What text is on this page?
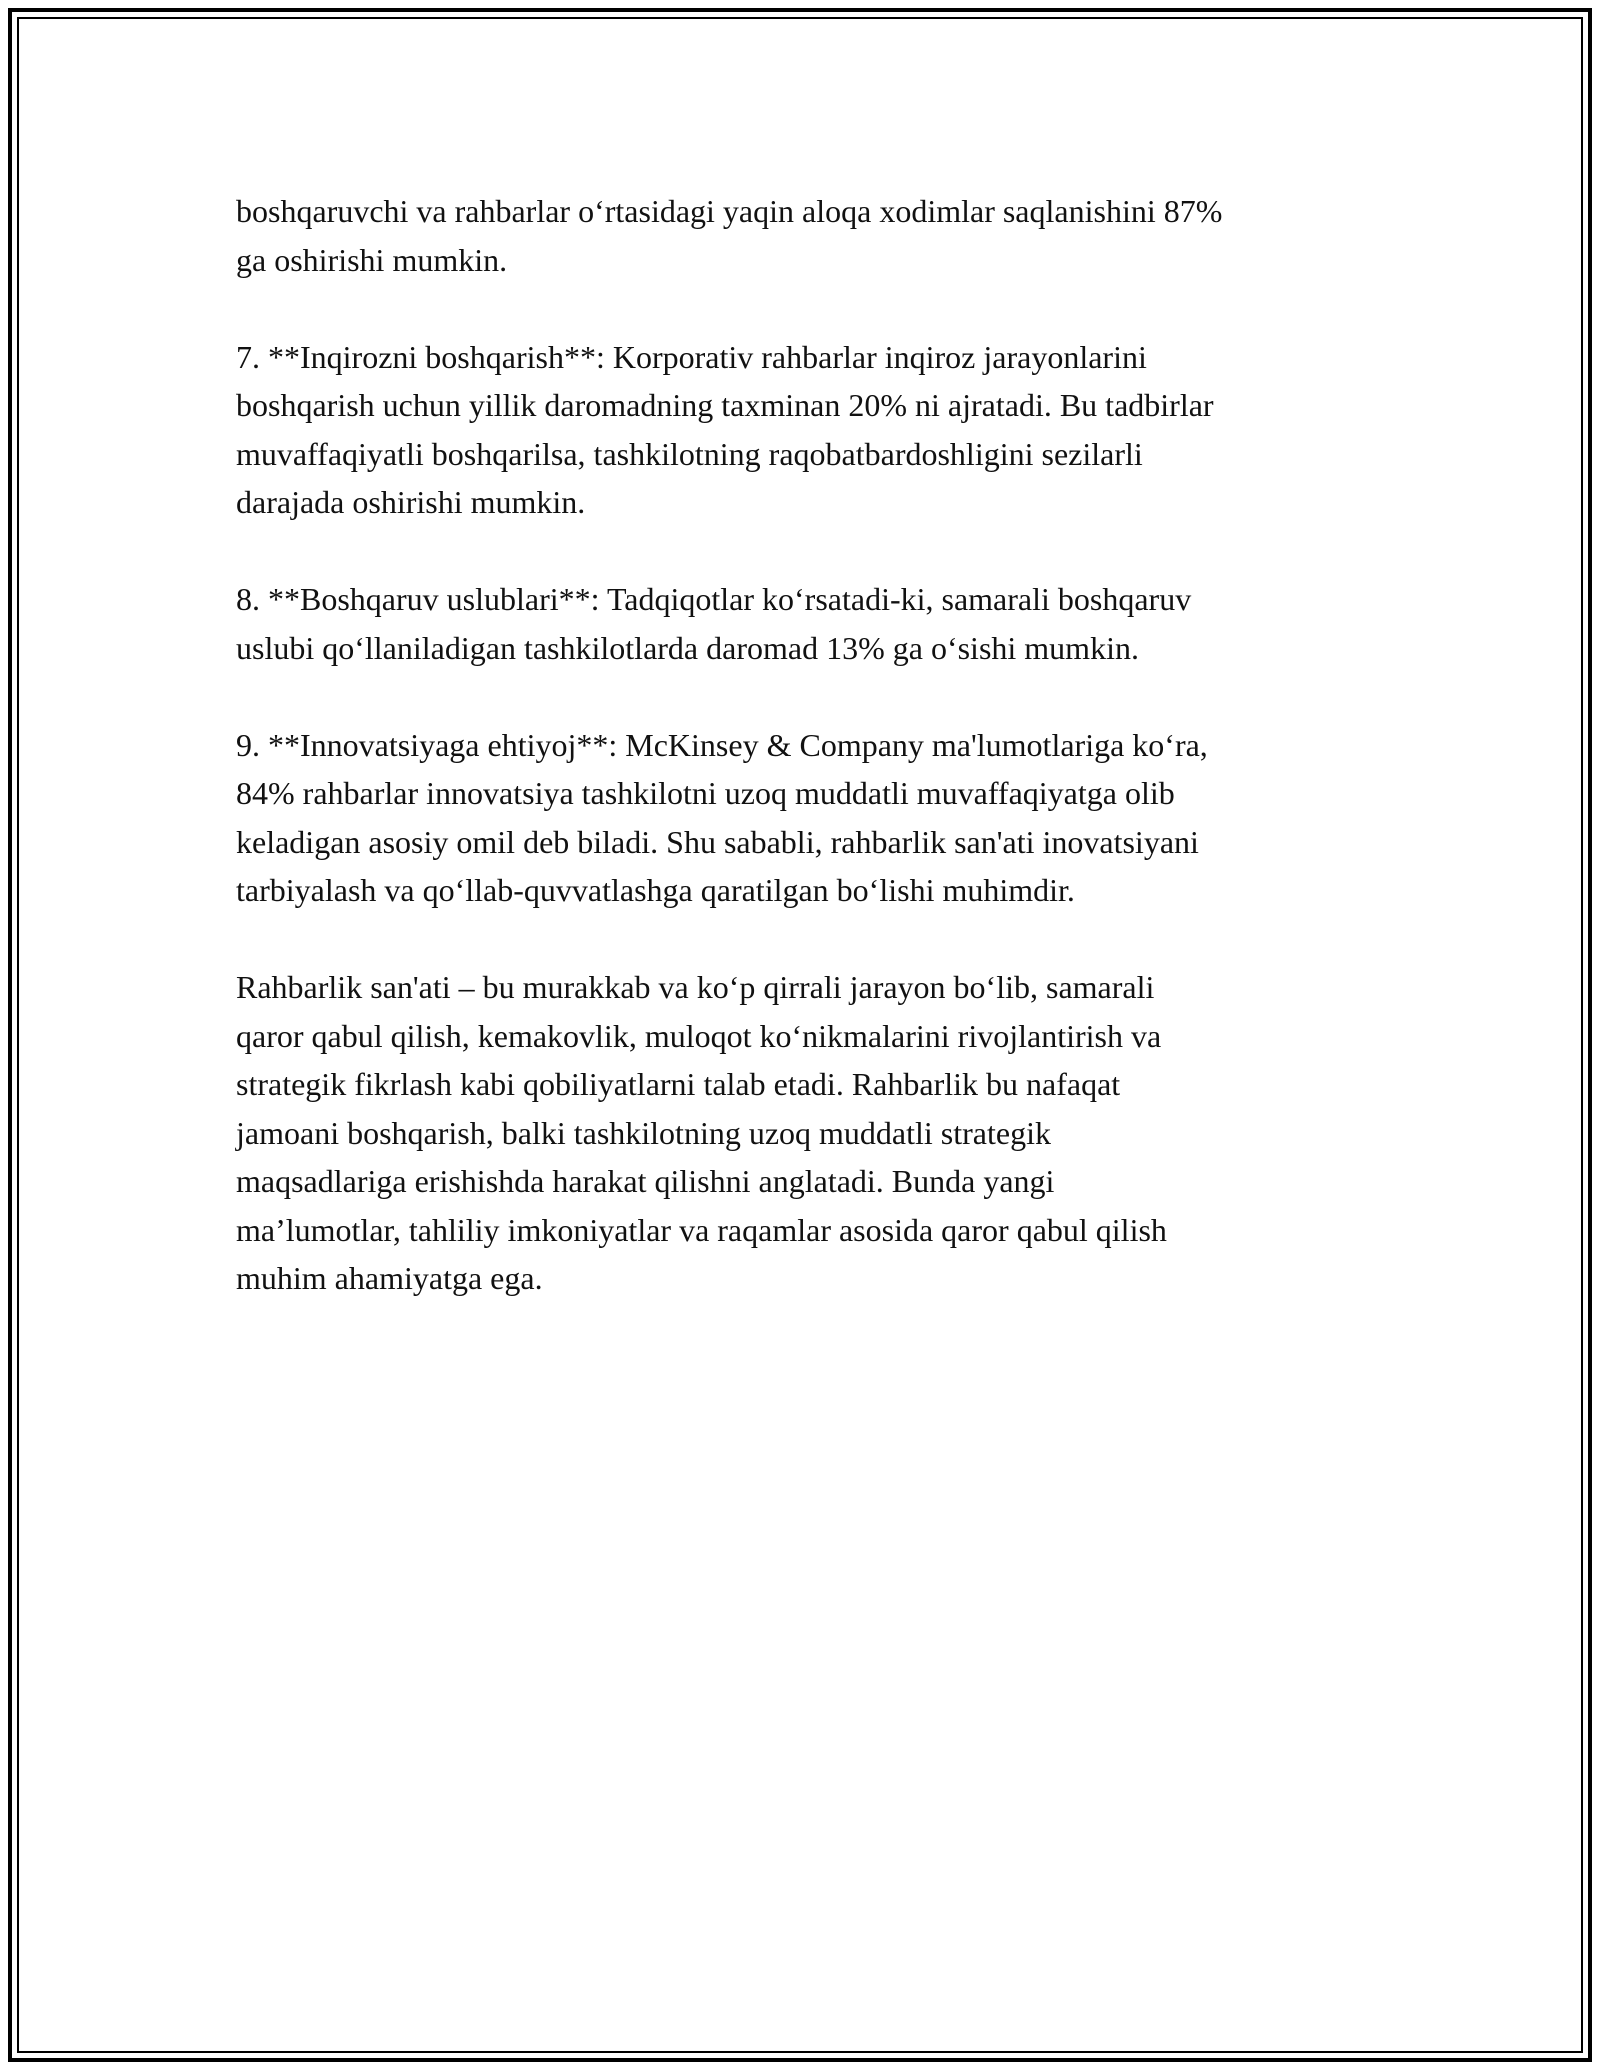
boshqaruvchi va rahbarlar o‘rtasidagi yaqin aloqa xodimlar saqlanishini 87%
ga oshirishi mumkin.

7. **Inqirozni boshqarish**: Korporativ rahbarlar inqiroz jarayonlarini
boshqarish uchun yillik daromadning taxminan 20% ni ajratadi. Bu tadbirlar
muvaffaqiyatli boshqarilsa, tashkilotning raqobatbardoshligini sezilarli
darajada oshirishi mumkin.

8. **Boshqaruv uslublari**: Tadqiqotlar ko‘rsatadi-ki, samarali boshqaruv
uslubi qo‘llaniladigan tashkilotlarda daromad 13% ga o‘sishi mumkin.

9. **Innovatsiyaga ehtiyoj**: McKinsey & Company ma'lumotlariga ko‘ra,
84% rahbarlar innovatsiya tashkilotni uzoq muddatli muvaffaqiyatga olib
keladigan asosiy omil deb biladi. Shu sababli, rahbarlik san'ati inovatsiyani
tarbiyalash va qo‘llab-quvvatlashga qaratilgan bo‘lishi muhimdir.

Rahbarlik san'ati – bu murakkab va ko‘p qirrali jarayon bo‘lib, samarali
qaror qabul qilish, kemakovlik, muloqot ko‘nikmalarini rivojlantirish va
strategik fikrlash kabi qobiliyatlarni talab etadi. Rahbarlik bu nafaqat
jamoani boshqarish, balki tashkilotning uzoq muddatli strategik
maqsadlariga erishishda harakat qilishni anglatadi. Bunda yangi
ma’lumotlar, tahliliy imkoniyatlar va raqamlar asosida qaror qabul qilish
muhim ahamiyatga ega.
